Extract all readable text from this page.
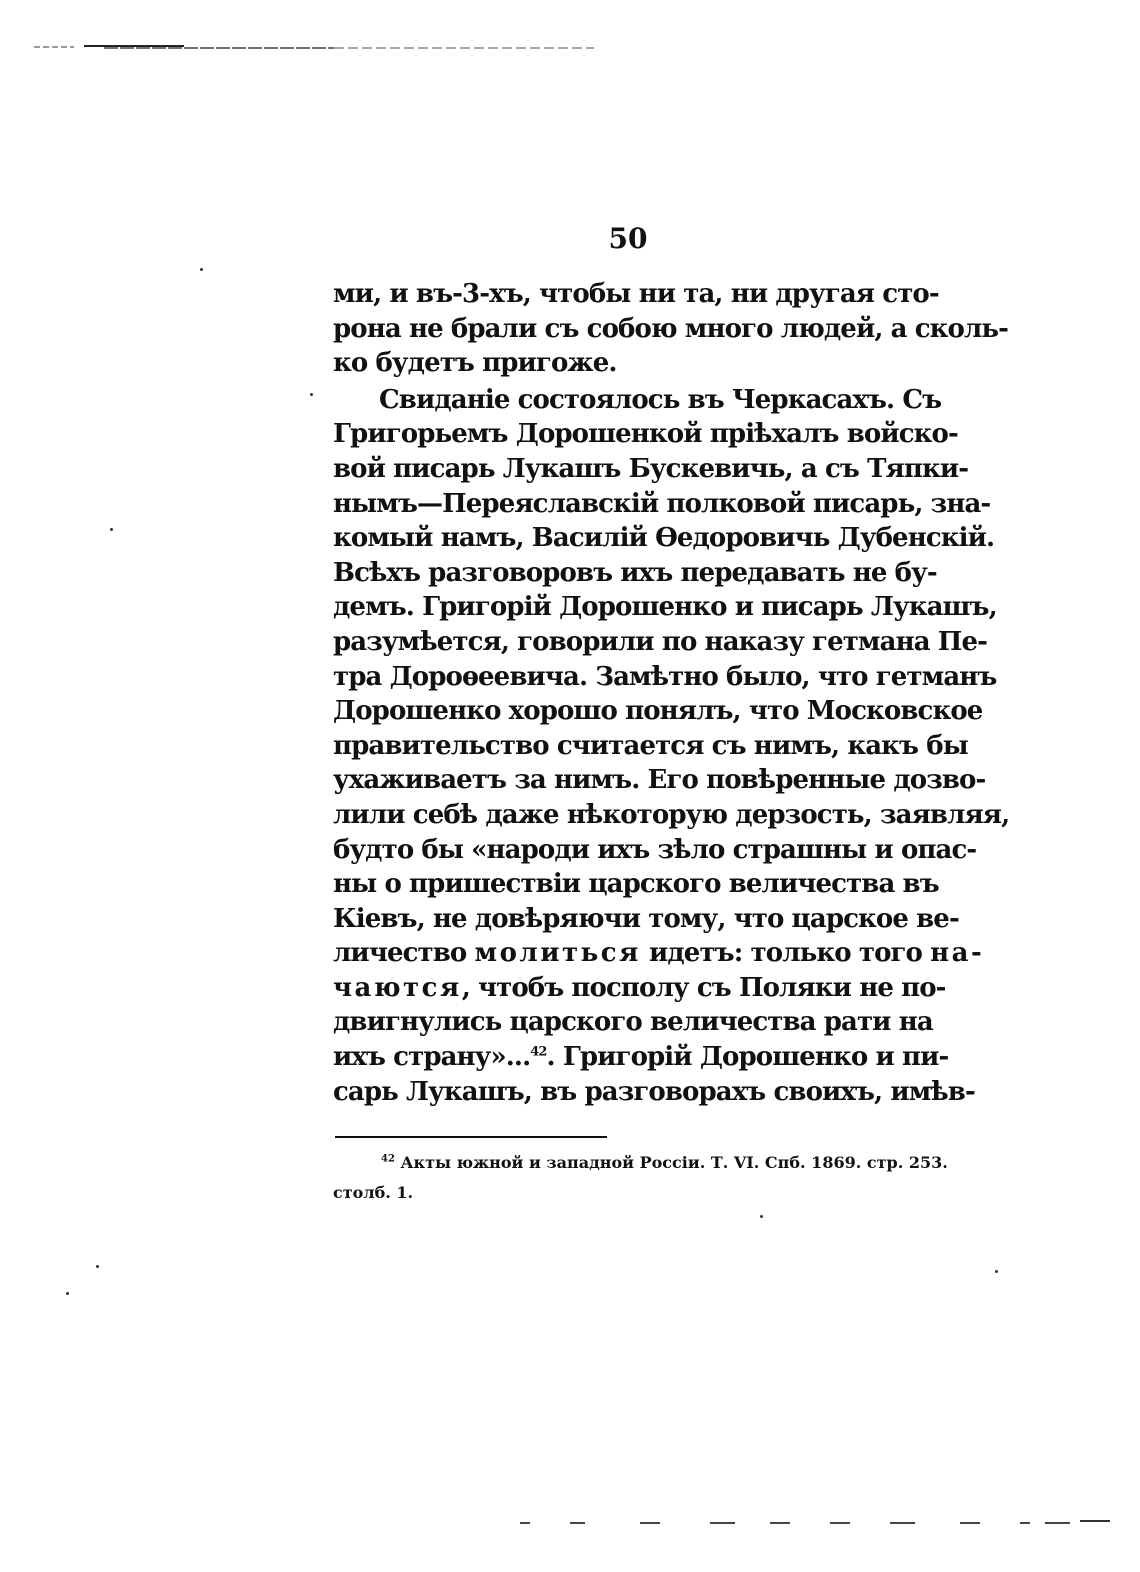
50
ми, и въ-3-хъ, чтобы ни та, ни другая сто-
рона не брали съ собою много людей, а сколь-
ко будетъ пригоже.
Свиданіе состоялось въ Черкасахъ. Съ
Григорьемъ Дорошенкой пріѣхалъ войско-
вой писарь Лукашъ Бускевичь, а съ Тяпки-
нымъ—Переяславскій полковой писарь, зна-
комый намъ, Василій Ѳедоровичь Дубенскій.
Всѣхъ разговоровъ ихъ передавать не бу-
демъ. Григорій Дорошенко и писарь Лукашъ,
разумѣется, говорили по наказу гетмана Пе-
тра Дороѳеевича. Замѣтно было, что гетманъ
Дорошенко хорошо понялъ, что Московское
правительство считается съ нимъ, какъ бы
ухаживаетъ за нимъ. Его повѣренные дозво-
лили себѣ даже нѣкоторую дерзость, заявляя,
будто бы «народи ихъ зѣло страшны и опас-
ны о пришествіи царского величества въ
Кіевъ, не довѣряючи тому, что царское ве-
личество молиться идетъ: только того на-
чаются, чтобъ посполу съ Поляки не по-
двигнулись царского величества рати на
ихъ страну»...$^{42}$. Григорій Дорошенко и пи-
сарь Лукашъ, въ разговорахъ своихъ, имѣв-
$^{42}$ Акты южной и западной Россіи. Т. VI. Спб. 1869. стр. 253.
столб. 1.
